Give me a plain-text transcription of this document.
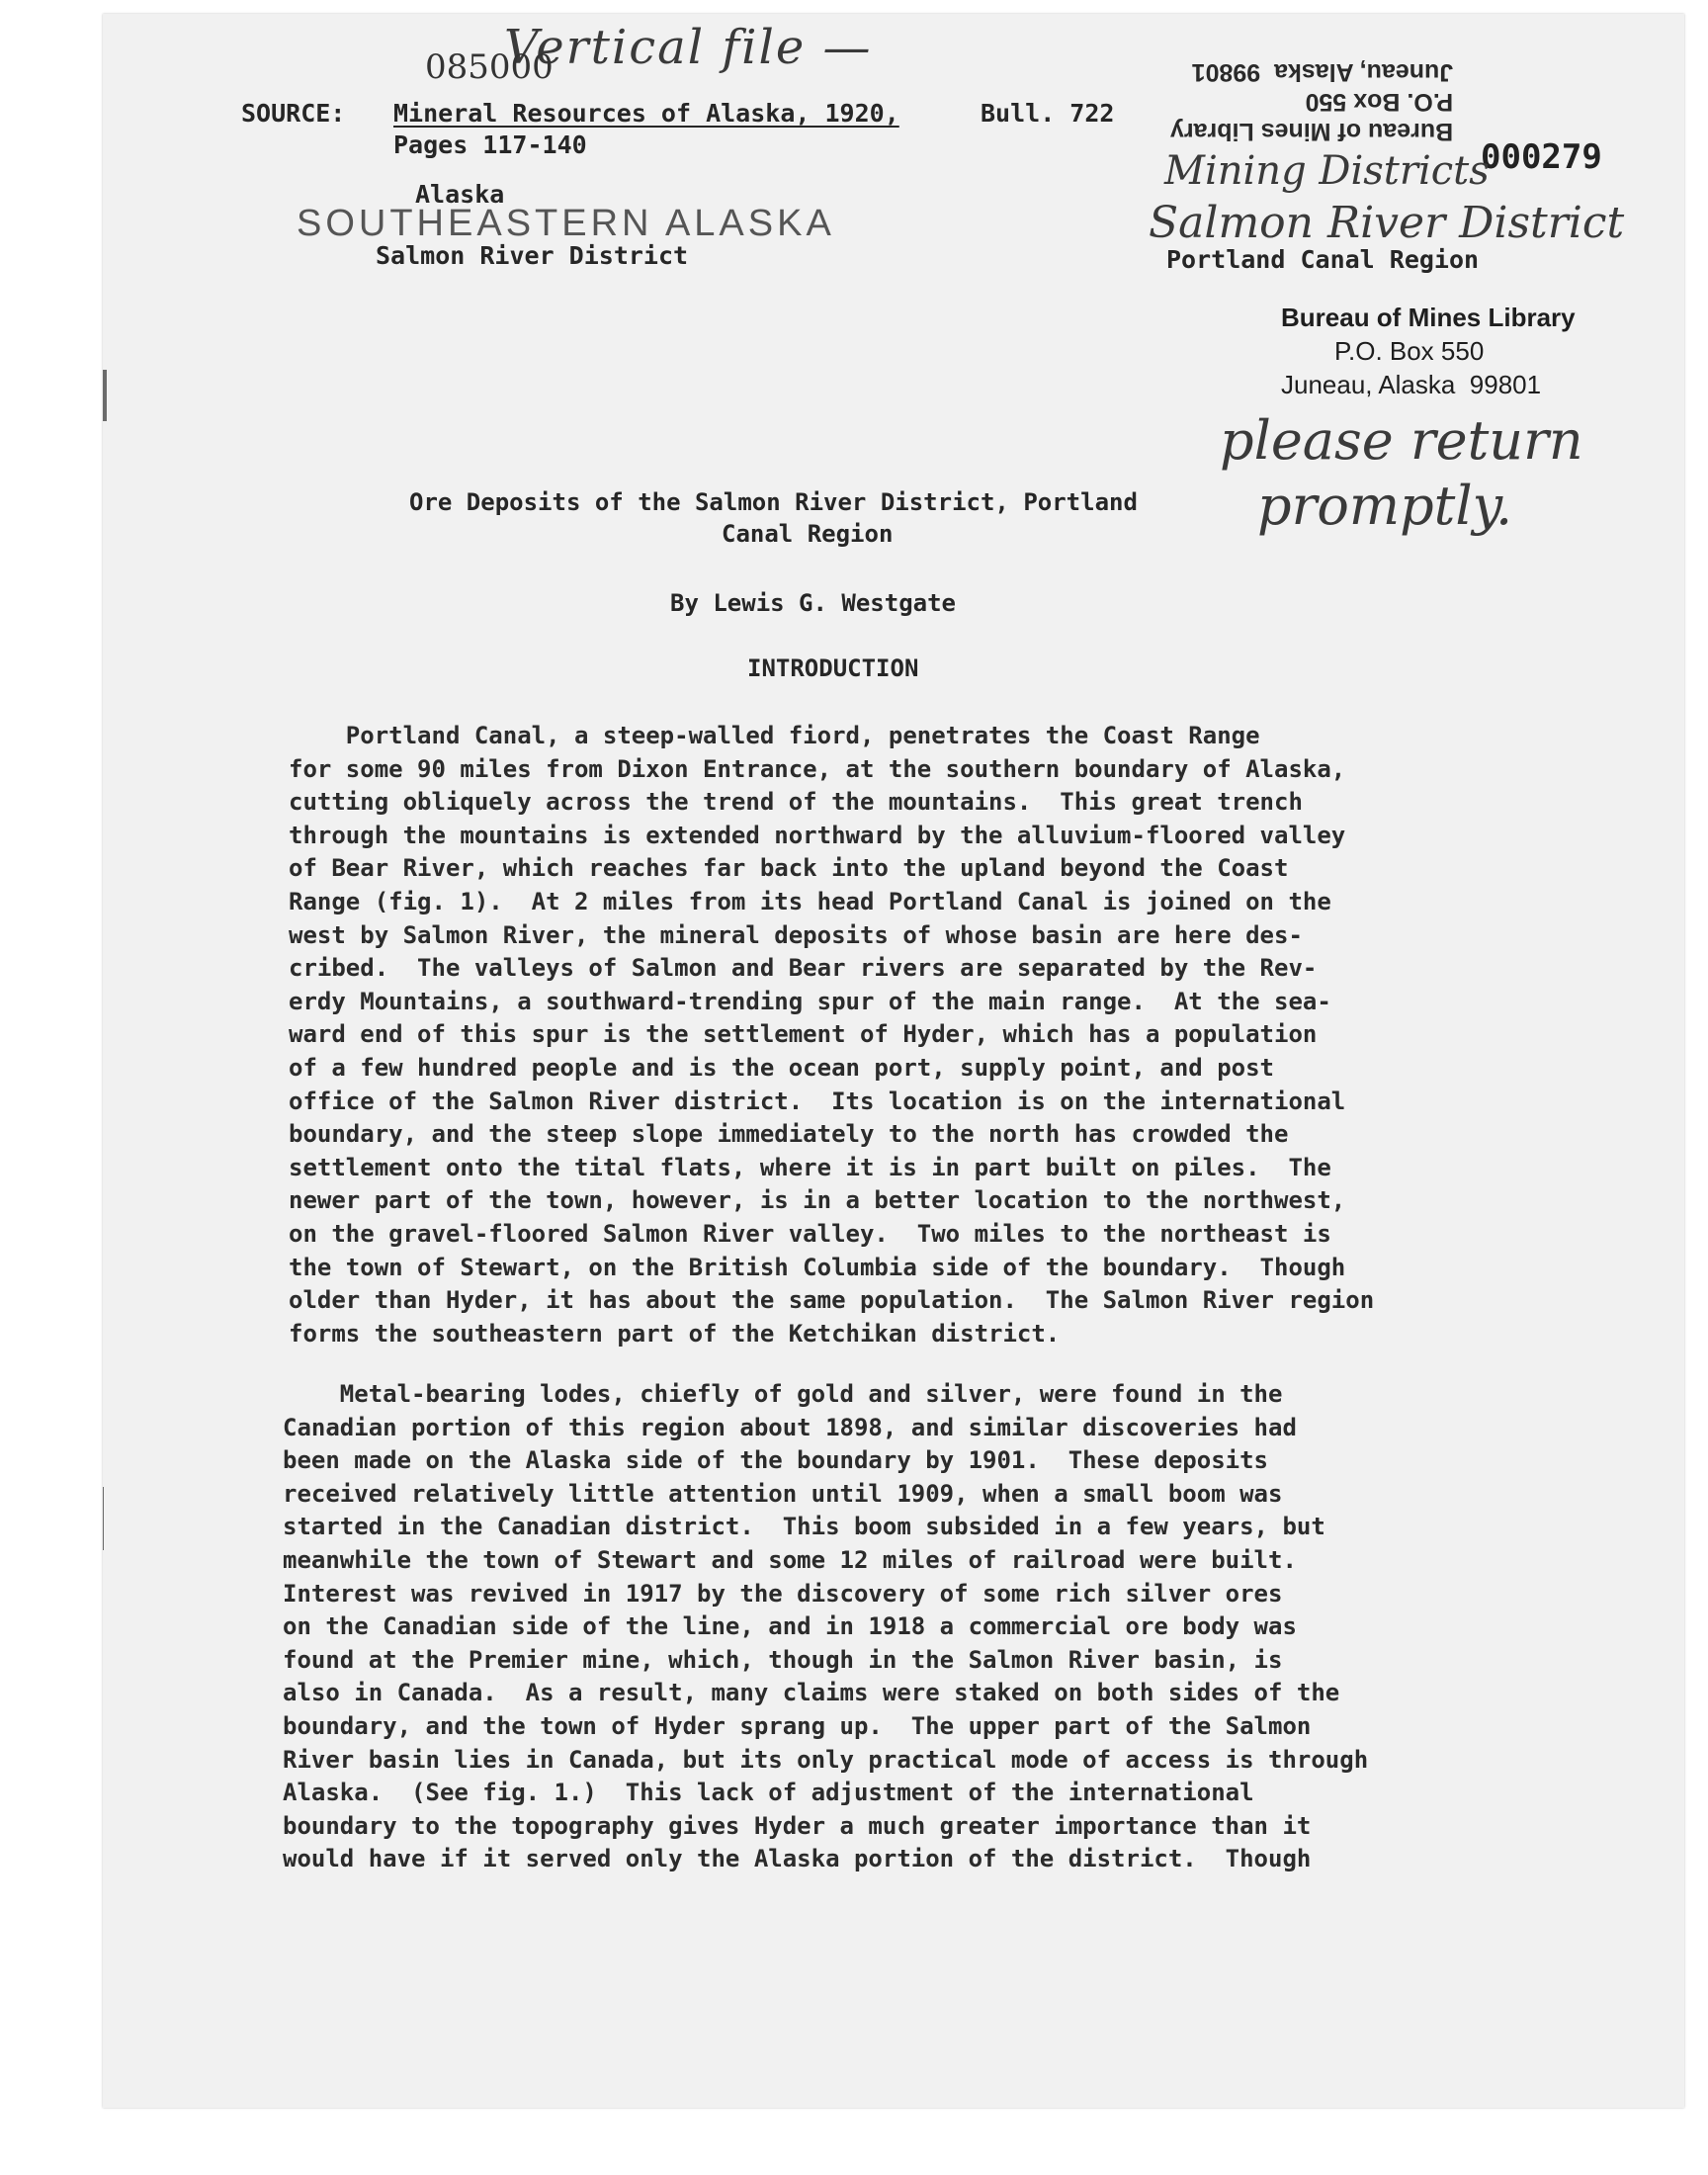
Vertical file —
085000
Bureau of Mines Library
P.O. Box 550
Juneau, Alaska  99801
000279
Mining Districts
Salmon River District
SOURCE: Mineral Resources of Alaska, 1920,	Bull. 722
Pages 117-140
Alaska
SOUTHEASTERN ALASKA
Salmon River District	Portland Canal Region
Bureau of Mines Library
P.O. Box 550
Juneau, Alaska  99801
please return
promptly.
Ore Deposits of the Salmon River District, Portland
Canal Region
By Lewis G. Westgate
INTRODUCTION
Portland Canal, a steep-walled fiord, penetrates the Coast Range
for some 90 miles from Dixon Entrance, at the southern boundary of Alaska,
cutting obliquely across the trend of the mountains.  This great trench
through the mountains is extended northward by the alluvium-floored valley
of Bear River, which reaches far back into the upland beyond the Coast
Range (fig. 1).  At 2 miles from its head Portland Canal is joined on the
west by Salmon River, the mineral deposits of whose basin are here des-
cribed.  The valleys of Salmon and Bear rivers are separated by the Rev-
erdy Mountains, a southward-trending spur of the main range.  At the sea-
ward end of this spur is the settlement of Hyder, which has a population
of a few hundred people and is the ocean port, supply point, and post
office of the Salmon River district.  Its location is on the international
boundary, and the steep slope immediately to the north has crowded the
settlement onto the tital flats, where it is in part built on piles.  The
newer part of the town, however, is in a better location to the northwest,
on the gravel-floored Salmon River valley.  Two miles to the northeast is
the town of Stewart, on the British Columbia side of the boundary.  Though
older than Hyder, it has about the same population.  The Salmon River region
forms the southeastern part of the Ketchikan district.
Metal-bearing lodes, chiefly of gold and silver, were found in the
Canadian portion of this region about 1898, and similar discoveries had
been made on the Alaska side of the boundary by 1901.  These deposits
received relatively little attention until 1909, when a small boom was
started in the Canadian district.  This boom subsided in a few years, but
meanwhile the town of Stewart and some 12 miles of railroad were built.
Interest was revived in 1917 by the discovery of some rich silver ores
on the Canadian side of the line, and in 1918 a commercial ore body was
found at the Premier mine, which, though in the Salmon River basin, is
also in Canada.  As a result, many claims were staked on both sides of the
boundary, and the town of Hyder sprang up.  The upper part of the Salmon
River basin lies in Canada, but its only practical mode of access is through
Alaska.  (See fig. 1.)  This lack of adjustment of the international
boundary to the topography gives Hyder a much greater importance than it
would have if it served only the Alaska portion of the district.  Though
